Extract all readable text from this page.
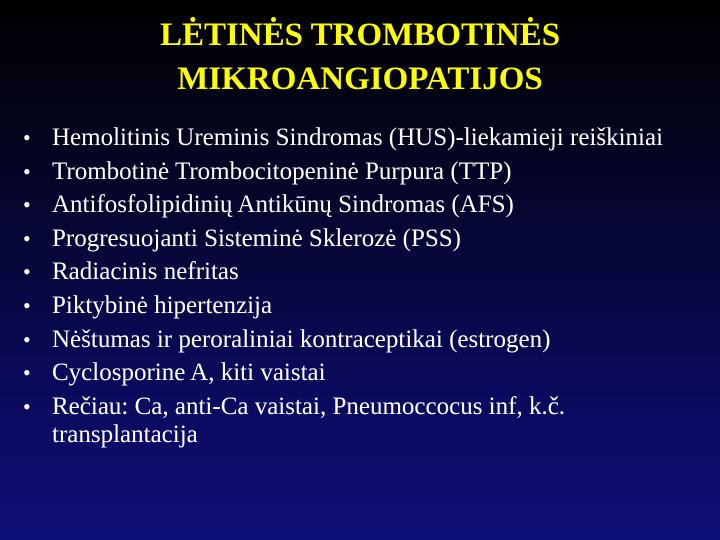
LĖTINĖS TROMBOTINĖS
MIKROANGIOPATIJOS
• Hemolitinis Ureminis Sindromas (HUS)-liekamieji reiškiniai
• Trombotinė Trombocitopeninė Purpura (TTP)
• Antifosfolipidinių Antikūnų Sindromas (AFS)
• Progresuojanti Sisteminė Sklerozė (PSS)
• Radiacinis nefritas
• Piktybinė hipertenzija
• Nėštumas ir peroraliniai kontraceptikai (estrogen)
• Cyclosporine A, kiti vaistai
• Rečiau: Ca, anti-Ca vaistai, Pneumoccocus inf, k.č. transplantacija
